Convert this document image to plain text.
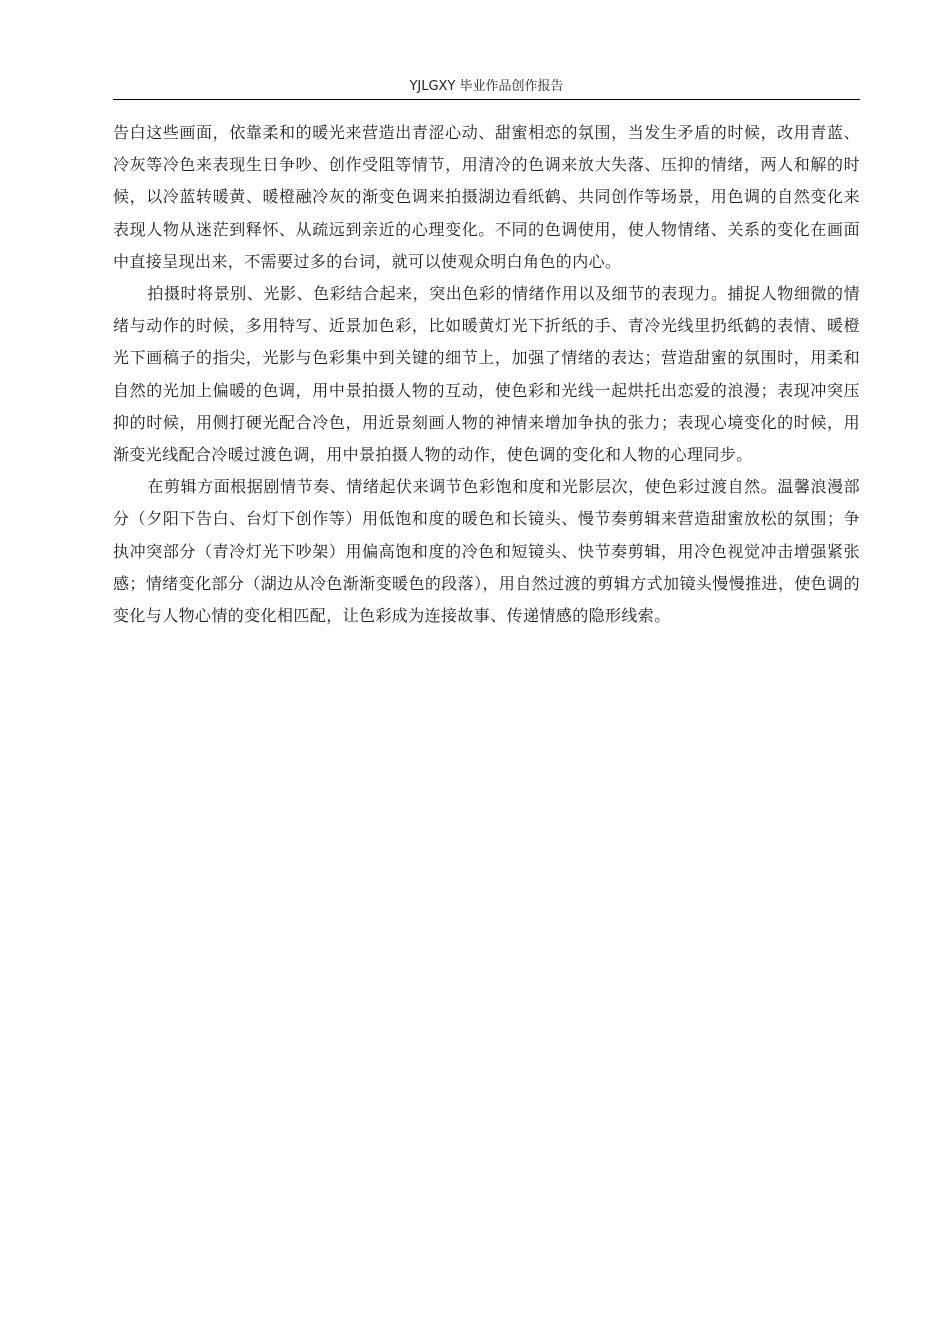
YJLGXY 毕业作品创作报告

告白这些画面，依靠柔和的暖光来营造出青涩心动、甜蜜相恋的氛围，当发生矛盾的时候，改用青蓝、冷灰等冷色来表现生日争吵、创作受阻等情节，用清冷的色调来放大失落、压抑的情绪，两人和解的时候，以冷蓝转暖黄、暖橙融冷灰的渐变色调来拍摄湖边看纸鹤、共同创作等场景，用色调的自然变化来表现人物从迷茫到释怀、从疏远到亲近的心理变化。不同的色调使用，使人物情绪、关系的变化在画面中直接呈现出来，不需要过多的台词，就可以使观众明白角色的内心。

拍摄时将景别、光影、色彩结合起来，突出色彩的情绪作用以及细节的表现力。捕捉人物细微的情绪与动作的时候，多用特写、近景加色彩，比如暖黄灯光下折纸的手、青冷光线里扔纸鹤的表情、暖橙光下画稿子的指尖，光影与色彩集中到关键的细节上，加强了情绪的表达；营造甜蜜的氛围时，用柔和自然的光加上偏暖的色调，用中景拍摄人物的互动，使色彩和光线一起烘托出恋爱的浪漫；表现冲突压抑的时候，用侧打硬光配合冷色，用近景刻画人物的神情来增加争执的张力；表现心境变化的时候，用渐变光线配合冷暖过渡色调，用中景拍摄人物的动作，使色调的变化和人物的心理同步。

在剪辑方面根据剧情节奏、情绪起伏来调节色彩饱和度和光影层次，使色彩过渡自然。温馨浪漫部分（夕阳下告白、台灯下创作等）用低饱和度的暖色和长镜头、慢节奏剪辑来营造甜蜜放松的氛围；争执冲突部分（青冷灯光下吵架）用偏高饱和度的冷色和短镜头、快节奏剪辑，用冷色视觉冲击增强紧张感；情绪变化部分（湖边从冷色渐渐变暖色的段落），用自然过渡的剪辑方式加镜头慢慢推进，使色调的变化与人物心情的变化相匹配，让色彩成为连接故事、传递情感的隐形线索。
